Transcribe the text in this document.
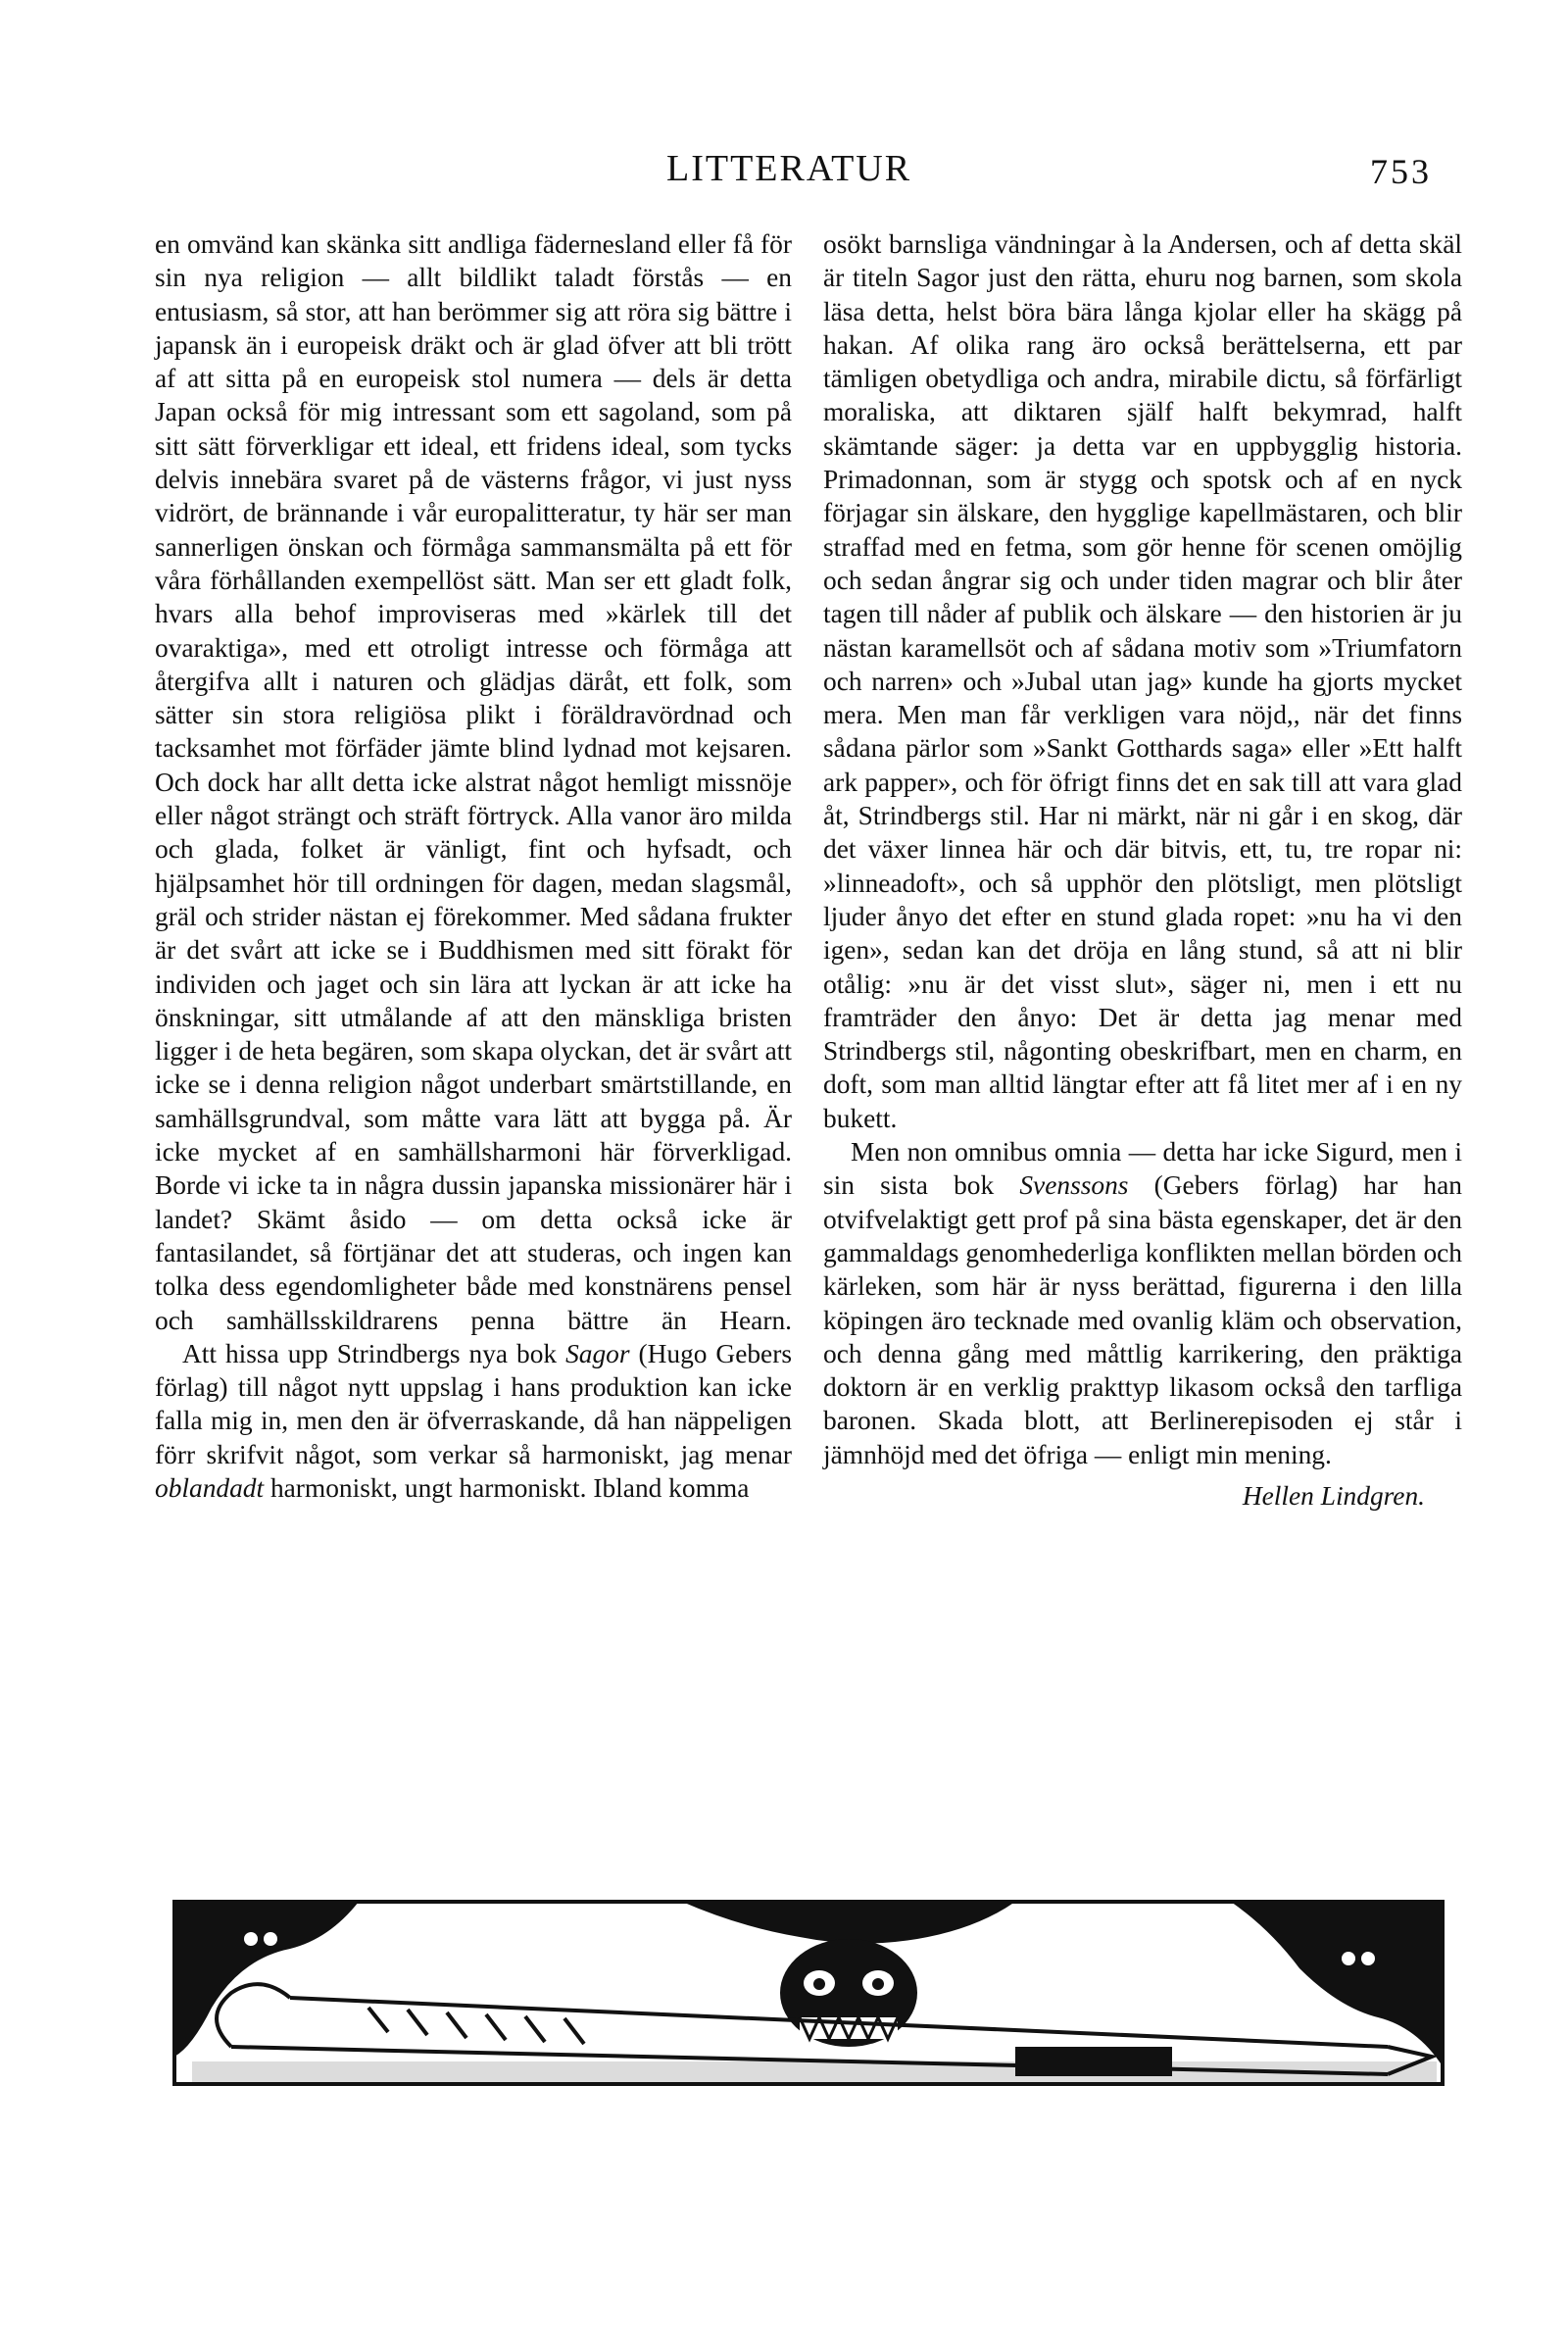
LITTERATUR	753

en omvänd kan skänka sitt andliga fädernesland eller få för sin nya religion — allt bildlikt taladt förstås — en entusiasm, så stor, att han berömmer sig att röra sig bättre i japansk än i europeisk dräkt och är glad öfver att bli trött af att sitta på en europeisk stol numera — dels är detta Japan också för mig intressant som ett sagoland, som på sitt sätt förverkligar ett ideal, ett fridens ideal, som tycks delvis innebära svaret på de västerns frågor, vi just nyss vidrört, de brännande i vår europalitteratur, ty här ser man sannerligen önskan och förmåga sammansmälta på ett för våra förhållanden exempellöst sätt. Man ser ett gladt folk, hvars alla behof improviseras med »kärlek till det ovaraktiga», med ett otroligt intresse och förmåga att återgifva allt i naturen och glädjas däråt, ett folk, som sätter sin stora religiösa plikt i föräldravördnad och tacksamhet mot förfäder jämte blind lydnad mot kejsaren. Och dock har allt detta icke alstrat något hemligt missnöje eller något strängt och sträft förtryck. Alla vanor äro milda och glada, folket är vänligt, fint och hyfsadt, och hjälpsamhet hör till ordningen för dagen, medan slagsmål, gräl och strider nästan ej förekommer. Med sådana frukter är det svårt att icke se i Buddhismen med sitt förakt för individen och jaget och sin lära att lyckan är att icke ha önskningar, sitt utmålande af att den mänskliga bristen ligger i de heta begären, som skapa olyckan, det är svårt att icke se i denna religion något underbart smärtstillande, en samhällsgrundval, som måtte vara lätt att bygga på. Är icke mycket af en samhällsharmoni här förverkligad. Borde vi icke ta in några dussin japanska missionärer här i landet? Skämt åsido — om detta också icke är fantasilandet, så förtjänar det att studeras, och ingen kan tolka dess egendomligheter både med konstnärens pensel och samhällsskildrarens penna bättre än Hearn.

Att hissa upp Strindbergs nya bok Sagor (Hugo Gebers förlag) till något nytt uppslag i hans produktion kan icke falla mig in, men den är öfverraskande, då han näppeligen förr skrifvit något, som verkar så harmoniskt, jag menar oblandadt harmoniskt, ungt harmoniskt. Ibland komma

osökt barnsliga vändningar à la Andersen, och af detta skäl är titeln Sagor just den rätta, ehuru nog barnen, som skola läsa detta, helst böra bära långa kjolar eller ha skägg på hakan. Af olika rang äro också berättelserna, ett par tämligen obetydliga och andra, mirabile dictu, så förfärligt moraliska, att diktaren själf halft bekymrad, halft skämtande säger: ja detta var en uppbygglig historia. Primadonnan, som är stygg och spotsk och af en nyck förjagar sin älskare, den hygglige kapellmästaren, och blir straffad med en fetma, som gör henne för scenen omöjlig och sedan ångrar sig och under tiden magrar och blir åter tagen till nåder af publik och älskare — den historien är ju nästan karamellsöt och af sådana motiv som »Triumfatorn och narren» och »Jubal utan jag» kunde ha gjorts mycket mera. Men man får verkligen vara nöjd,, när det finns sådana pärlor som »Sankt Gotthards saga» eller »Ett halft ark papper», och för öfrigt finns det en sak till att vara glad åt, Strindbergs stil. Har ni märkt, när ni går i en skog, där det växer linnea här och där bitvis, ett, tu, tre ropar ni: »linneadoft», och så upphör den plötsligt, men plötsligt ljuder ånyo det efter en stund glada ropet: »nu ha vi den igen», sedan kan det dröja en lång stund, så att ni blir otålig: »nu är det visst slut», säger ni, men i ett nu framträder den ånyo: Det är detta jag menar med Strindbergs stil, någonting obeskrifbart, men en charm, en doft, som man alltid längtar efter att få litet mer af i en ny bukett.

Men non omnibus omnia — detta har icke Sigurd, men i sin sista bok Svenssons (Gebers förlag) har han otvifvelaktigt gett prof på sina bästa egenskaper, det är den gammaldags genomhederliga konflikten mellan börden och kärleken, som här är nyss berättad, figurerna i den lilla köpingen äro tecknade med ovanlig kläm och observation, och denna gång med måttlig karrikering, den präktiga doktorn är en verklig prakttyp likasom också den tarfliga baronen. Skada blott, att Berlinerepisoden ej står i jämnhöjd med det öfriga — enligt min mening.

Hellen Lindgren.
